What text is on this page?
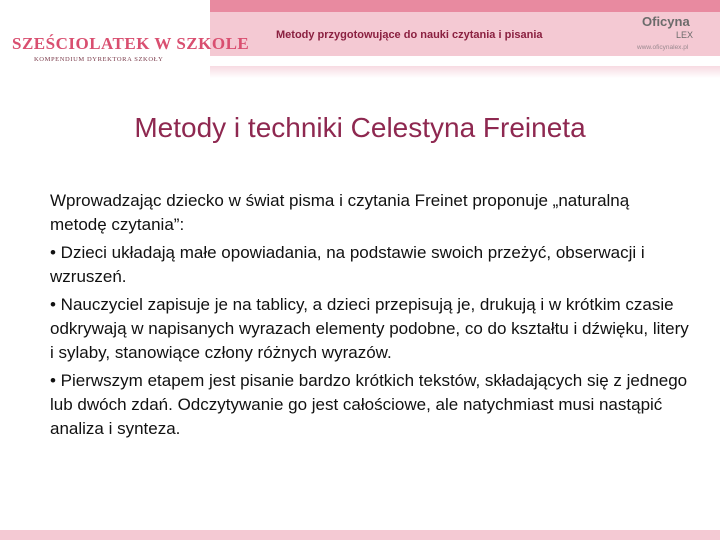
SZEŚCIOLATEK W SZKOLE
KOMPENDIUM DYREKTORA SZKOŁY
Metody przygotowujące do nauki czytania i pisania
Oficyna
LEX
www.oficynalex.pl
Metody i techniki Celestyna Freineta

Wprowadzając dziecko w świat pisma i czytania Freinet proponuje „naturalną metodę czytania”:

• Dzieci układają małe opowiadania, na podstawie swoich przeżyć, obserwacji i wzruszeń.

• Nauczyciel zapisuje je na tablicy, a dzieci przepisują je, drukują i w krótkim czasie odkrywają w napisanych wyrazach elementy podobne, co do kształtu i dźwięku, litery i sylaby, stanowiące człony różnych wyrazów.

• Pierwszym etapem jest pisanie bardzo krótkich tekstów, składających się z jednego lub dwóch zdań. Odczytywanie go jest całościowe, ale natychmiast musi nastąpić analiza i synteza.
